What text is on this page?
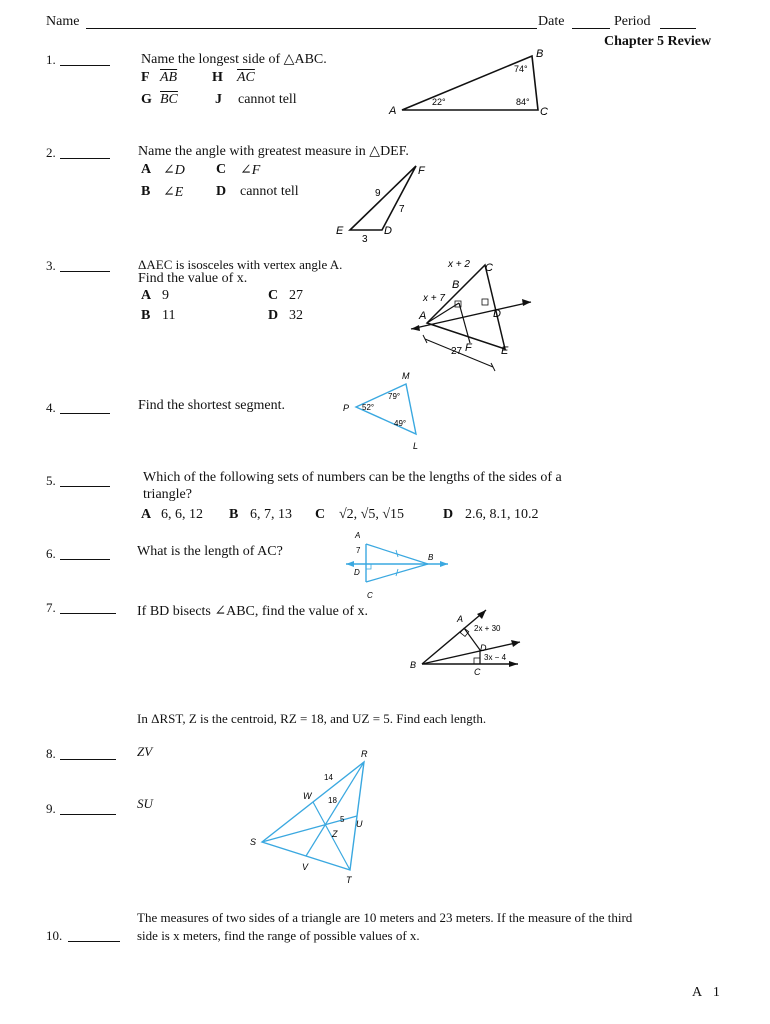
Name	Date	Period
Chapter 5 Review
1.	Name the longest side of △ABC.
F $\overline{AB}$ H $\overline{AC}$
G $\overline{BC}$	J cannot tell
A
B
C
74°
22°	84°
2.	Name the angle with greatest measure in △DEF.
A ∠D C ∠F
B ∠E D cannot tell
E
F
D
9
7
3
3.	ΔAEC is isosceles with vertex angle A.
Find the value of x.
A 9	C 27
B 11	D 32
x + 2 C
B
x + 7
A	D
F	E
27
4.	Find the shortest segment.
M
P
L
52°
79°
49°
5.	Which of the following sets of numbers can be the lengths of the sides of a
triangle?
A 6, 6, 12 B 6, 7, 13 C √2, √5, √15	D 2.6, 8.1, 10.2
6.	What is the length of AC?
A
7
B
D
C
7.	If BD bisects ∠ABC, find the value of x.	A
2x + 30
D
3x − 4
B
C
In ΔRST, Z is the centroid, RZ = 18, and UZ = 5. Find each length.
8.	ZV
9.	SU
R
W
U
S
Z
V
T
14
18
5
The measures of two sides of a triangle are 10 meters and 23 meters. If the measure of the third
10.	side is x meters, find the range of possible values of x.
A 1
